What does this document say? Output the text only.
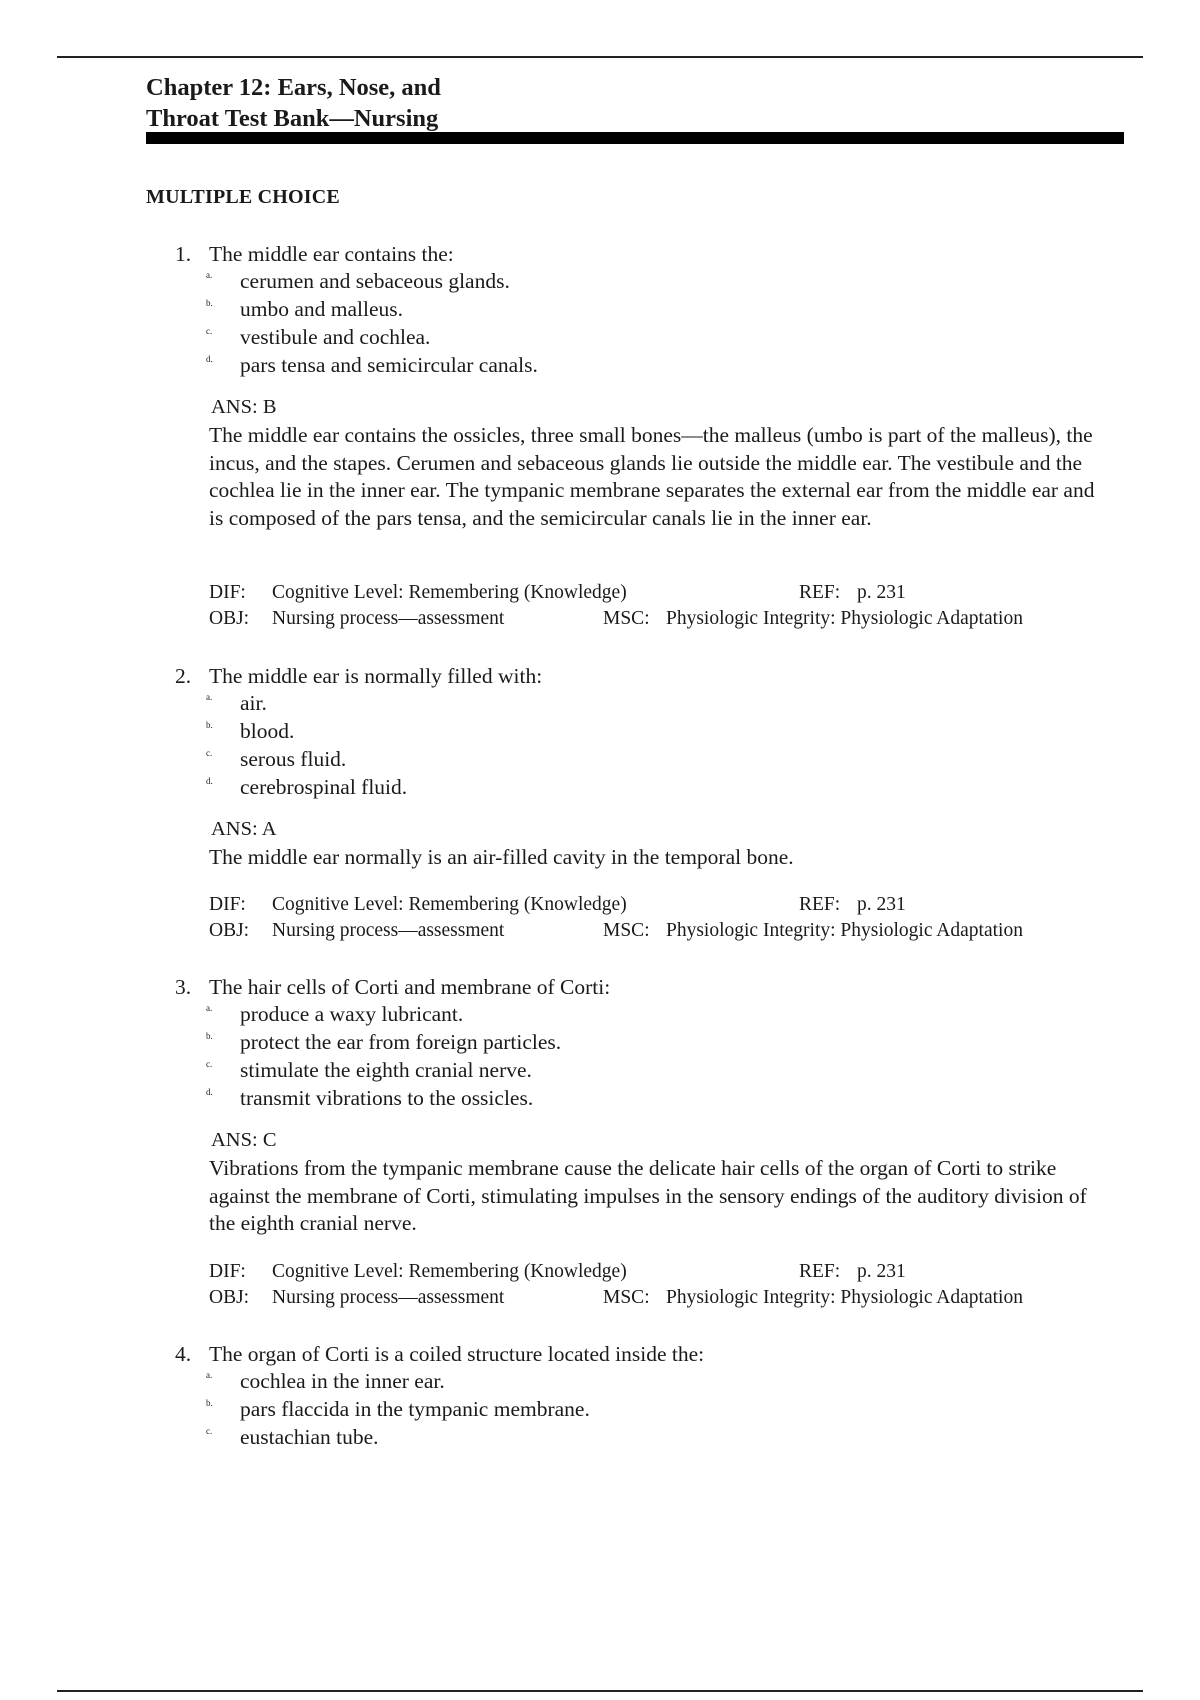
Chapter 12: Ears, Nose, and Throat Test Bank—Nursing
MULTIPLE CHOICE
1. The middle ear contains the:
a. cerumen and sebaceous glands.
b. umbo and malleus.
c. vestibule and cochlea.
d. pars tensa and semicircular canals.
ANS: B
The middle ear contains the ossicles, three small bones—the malleus (umbo is part of the malleus), the incus, and the stapes. Cerumen and sebaceous glands lie outside the middle ear. The vestibule and the cochlea lie in the inner ear. The tympanic membrane separates the external ear from the middle ear and is composed of the pars tensa, and the semicircular canals lie in the inner ear.
DIF: Cognitive Level: Remembering (Knowledge)	REF: p. 231
OBJ: Nursing process—assessment	MSC: Physiologic Integrity: Physiologic Adaptation
2. The middle ear is normally filled with:
a. air.
b. blood.
c. serous fluid.
d. cerebrospinal fluid.
ANS: A
The middle ear normally is an air-filled cavity in the temporal bone.
DIF: Cognitive Level: Remembering (Knowledge)	REF: p. 231
OBJ: Nursing process—assessment	MSC: Physiologic Integrity: Physiologic Adaptation
3. The hair cells of Corti and membrane of Corti:
a. produce a waxy lubricant.
b. protect the ear from foreign particles.
c. stimulate the eighth cranial nerve.
d. transmit vibrations to the ossicles.
ANS: C
Vibrations from the tympanic membrane cause the delicate hair cells of the organ of Corti to strike against the membrane of Corti, stimulating impulses in the sensory endings of the auditory division of the eighth cranial nerve.
DIF: Cognitive Level: Remembering (Knowledge)	REF: p. 231
OBJ: Nursing process—assessment	MSC: Physiologic Integrity: Physiologic Adaptation
4. The organ of Corti is a coiled structure located inside the:
a. cochlea in the inner ear.
b. pars flaccida in the tympanic membrane.
c. eustachian tube.
